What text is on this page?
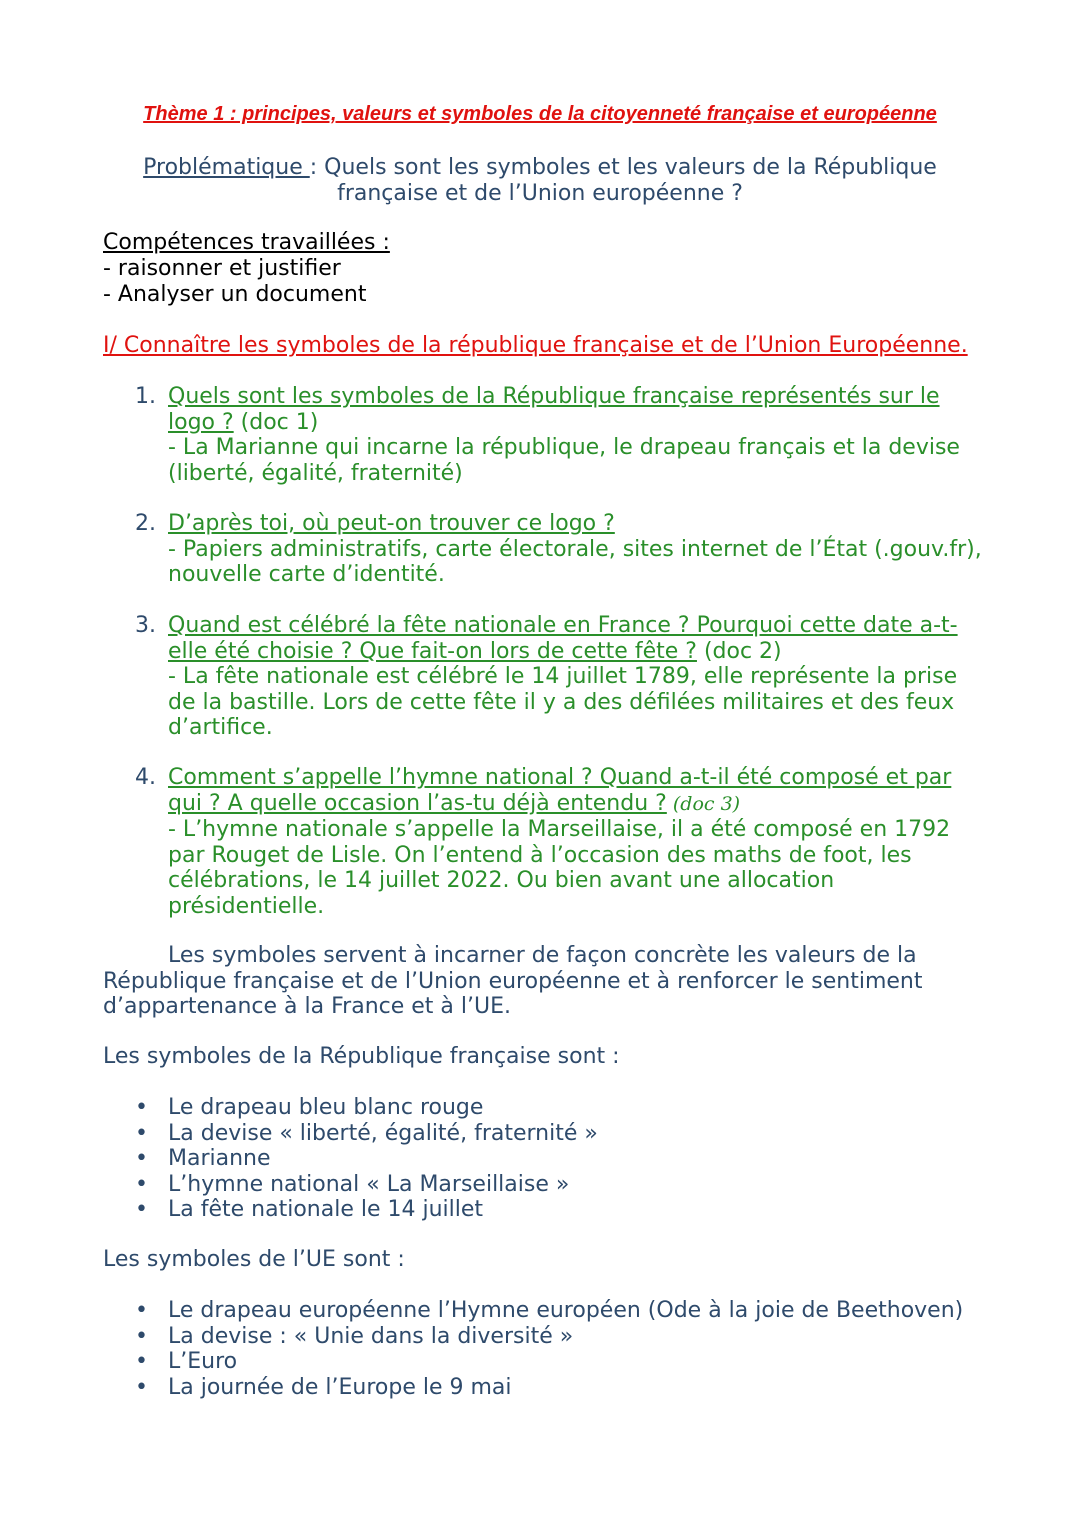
Thème 1 : principes, valeurs et symboles de la citoyenneté française et européenne
Problématique : Quels sont les symboles et les valeurs de la République
française et de l’Union européenne ?
Compétences travaillées :
- raisonner et justifier
- Analyser un document
I/ Connaître les symboles de la république française et de l’Union Européenne.
1. Quels sont les symboles de la République française représentés sur le
logo ? (doc 1)
- La Marianne qui incarne la république, le drapeau français et la devise
(liberté, égalité, fraternité)
2. D’après toi, où peut-on trouver ce logo ?
- Papiers administratifs, carte électorale, sites internet de l’État (.gouv.fr),
nouvelle carte d’identité.
3. Quand est célébré la fête nationale en France ? Pourquoi cette date a-t-
elle été choisie ? Que fait-on lors de cette fête ? (doc 2)
- La fête nationale est célébré le 14 juillet 1789, elle représente la prise
de la bastille. Lors de cette fête il y a des défilées militaires et des feux
d’artifice.
4. Comment s’appelle l’hymne national ? Quand a-t-il été composé et par
qui ? A quelle occasion l’as-tu déjà entendu ? (doc 3)
- L’hymne nationale s’appelle la Marseillaise, il a été composé en 1792
par Rouget de Lisle. On l’entend à l’occasion des maths de foot, les
célébrations, le 14 juillet 2022. Ou bien avant une allocation
présidentielle.
Les symboles servent à incarner de façon concrète les valeurs de la
République française et de l’Union européenne et à renforcer le sentiment
d’appartenance à la France et à l’UE.
Les symboles de la République française sont :
• Le drapeau bleu blanc rouge
• La devise « liberté, égalité, fraternité »
• Marianne
• L’hymne national « La Marseillaise »
• La fête nationale le 14 juillet
Les symboles de l’UE sont :
• Le drapeau européenne l’Hymne européen (Ode à la joie de Beethoven)
• La devise : « Unie dans la diversité »
• L’Euro
• La journée de l’Europe le 9 mai
